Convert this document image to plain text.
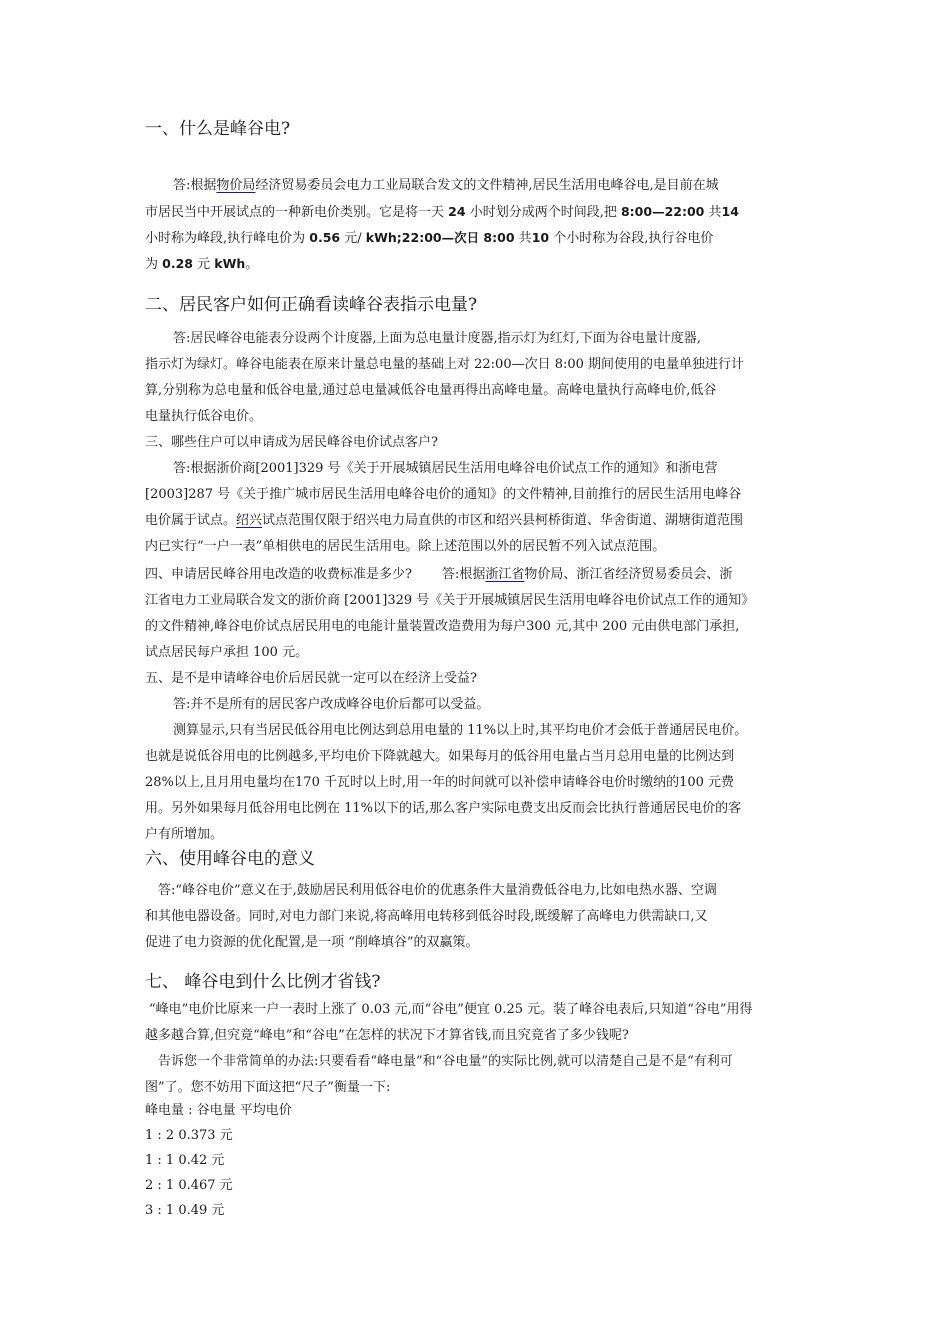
一、什么是峰谷电?
答:根据物价局经济贸易委员会电力工业局联合发文的文件精神,居民生活用电峰谷电,是目前在城
市居民当中开展试点的一种新电价类别。它是将一天 24 小时划分成两个时间段,把 8:00—22:00 共14
小时称为峰段,执行峰电价为 0.56 元/ kWh;22:00—次日 8:00 共10 个小时称为谷段,执行谷电价
为 0.28 元 kWh。
二、居民客户如何正确看读峰谷表指示电量?
答:居民峰谷电能表分设两个计度器,上面为总电量计度器,指示灯为红灯,下面为谷电量计度器,
指示灯为绿灯。峰谷电能表在原来计量总电量的基础上对 22:00—次日 8:00 期间使用的电量单独进行计
算,分别称为总电量和低谷电量,通过总电量减低谷电量再得出高峰电量。高峰电量执行高峰电价,低谷
电量执行低谷电价。
三、哪些住户可以申请成为居民峰谷电价试点客户?
答:根据浙价商[2001]329 号《关于开展城镇居民生活用电峰谷电价试点工作的通知》和浙电营
[2003]287 号《关于推广城市居民生活用电峰谷电价的通知》的文件精神,目前推行的居民生活用电峰谷
电价属于试点。绍兴试点范围仅限于绍兴电力局直供的市区和绍兴县柯桥街道、华舍街道、湖塘街道范围
内已实行“一户一表”单相供电的居民生活用电。除上述范围以外的居民暂不列入试点范围。
四、申请居民峰谷用电改造的收费标准是多少? 答:根据浙江省物价局、浙江省经济贸易委员会、浙
江省电力工业局联合发文的浙价商 [2001]329 号《关于开展城镇居民生活用电峰谷电价试点工作的通知》
的文件精神,峰谷电价试点居民用电的电能计量装置改造费用为每户300 元,其中 200 元由供电部门承担,
试点居民每户承担 100 元。
五、是不是申请峰谷电价后居民就一定可以在经济上受益?
答:并不是所有的居民客户改成峰谷电价后都可以受益。
测算显示,只有当居民低谷用电比例达到总用电量的 11%以上时,其平均电价才会低于普通居民电价。
也就是说低谷用电的比例越多,平均电价下降就越大。如果每月的低谷用电量占当月总用电量的比例达到
28%以上,且月用电量均在170 千瓦时以上时,用一年的时间就可以补偿申请峰谷电价时缴纳的100 元费
用。另外如果每月低谷用电比例在 11%以下的话,那么客户实际电费支出反而会比执行普通居民电价的客
户有所增加。
六、使用峰谷电的意义
答:“峰谷电价”意义在于,鼓励居民利用低谷电价的优惠条件大量消费低谷电力,比如电热水器、空调
和其他电器设备。同时,对电力部门来说,将高峰用电转移到低谷时段,既缓解了高峰电力供需缺口,又
促进了电力资源的优化配置,是一项 “削峰填谷”的双赢策。
七、 峰谷电到什么比例才省钱?
“峰电”电价比原来一户一表时上涨了 0.03 元,而“谷电”便宜 0.25 元。装了峰谷电表后,只知道“谷电”用得
越多越合算,但究竟“峰电”和“谷电”在怎样的状况下才算省钱,而且究竟省了多少钱呢?
告诉您一个非常简单的办法:只要看看“峰电量”和“谷电量”的实际比例,就可以清楚自己是不是“有利可
图”了。您不妨用下面这把“尺子”衡量一下:
峰电量 : 谷电量 平均电价
1 : 2 0.373 元
1 : 1 0.42 元
2 : 1 0.467 元
3 : 1 0.49 元
